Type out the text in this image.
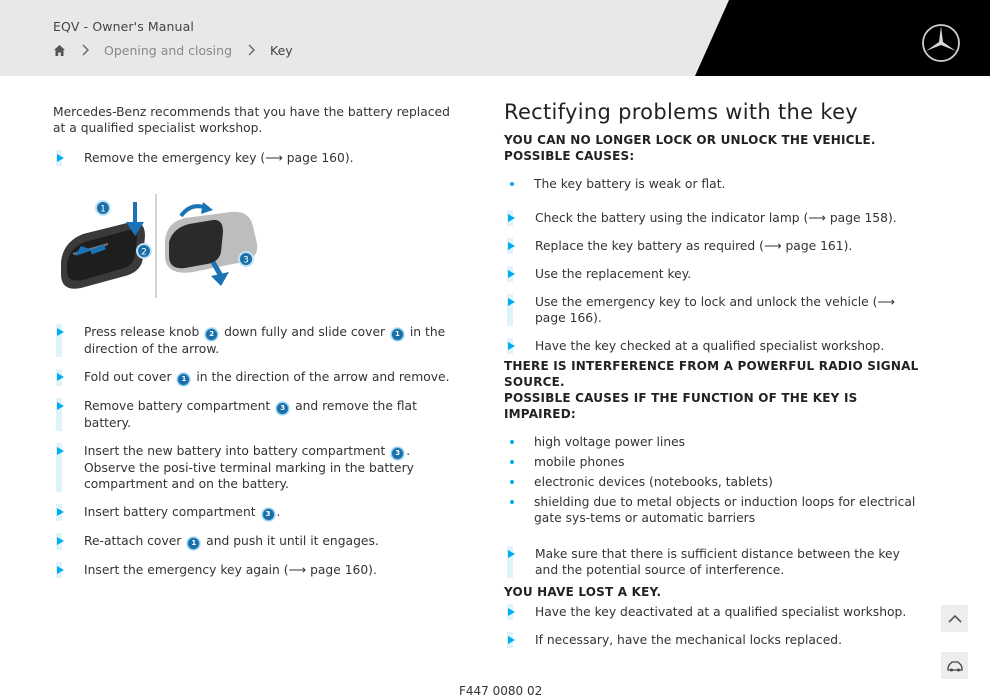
EQV - Owner's Manual
Opening and closing	Key

Mercedes-Benz recommends that you have the battery replaced at a qualified specialist workshop.

Remove the emergency key (⟶ page 160).
1
2
3
Press release knob 2 down fully and slide cover 1 in the direction of the arrow.
Fold out cover 1 in the direction of the arrow and remove.
Remove battery compartment 3 and remove the flat battery.
Insert the new battery into battery compartment 3 . Observe the posi-tive terminal marking in the battery compartment and on the battery.
Insert battery compartment 3 .
Re-attach cover 1 and push it until it engages.
Insert the emergency key again (⟶ page 160).
Rectifying problems with the key
YOU CAN NO LONGER LOCK OR UNLOCK THE VEHICLE.
POSSIBLE CAUSES:
The key battery is weak or flat.
Check the battery using the indicator lamp (⟶ page 158).
Replace the key battery as required (⟶ page 161).
Use the replacement key.
Use the emergency key to lock and unlock the vehicle (⟶ page 166).
Have the key checked at a qualified specialist workshop.
THERE IS INTERFERENCE FROM A POWERFUL RADIO SIGNAL SOURCE.
POSSIBLE CAUSES IF THE FUNCTION OF THE KEY IS IMPAIRED:
high voltage power lines
mobile phones
electronic devices (notebooks, tablets)
shielding due to metal objects or induction loops for electrical gate sys-tems or automatic barriers
Make sure that there is sufficient distance between the key and the potential source of interference.
YOU HAVE LOST A KEY.
Have the key deactivated at a qualified specialist workshop.
If necessary, have the mechanical locks replaced.
F447 0080 02
